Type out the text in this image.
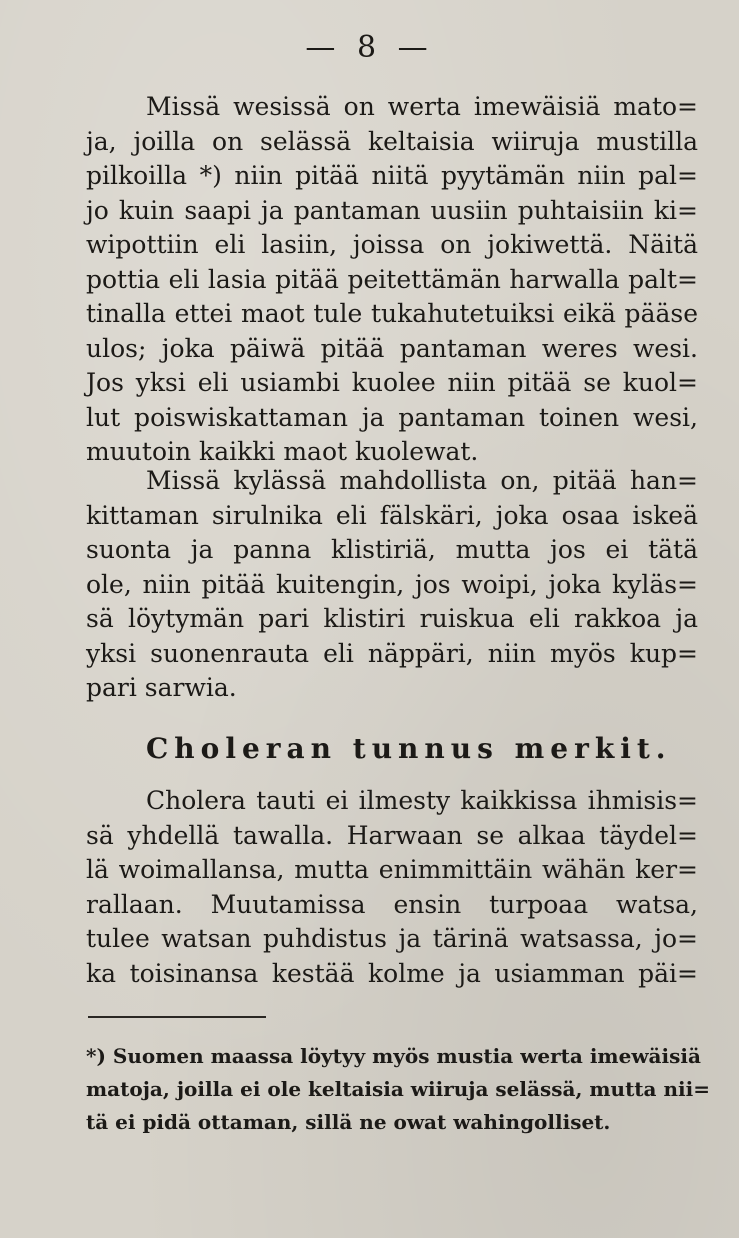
— 8 —
Missä wesissä on werta imewäisiä mato=
ja, joilla on selässä keltaisia wiiruja mustilla
pilkoilla *) niin pitää niitä pyytämän niin pal=
jo kuin saapi ja pantaman uusiin puhtaisiin ki=
wipottiin eli lasiin, joissa on jokiwettä. Näitä
pottia eli lasia pitää peitettämän harwalla palt=
tinalla ettei maot tule tukahutetuiksi eikä pääse
ulos; joka päiwä pitää pantaman weres wesi.
Jos yksi eli usiambi kuolee niin pitää se kuol=
lut poiswiskattaman ja pantaman toinen wesi,
muutoin kaikki maot kuolewat.
Missä kylässä mahdollista on, pitää han=
kittaman sirulnika eli fälskäri, joka osaa iskeä
suonta ja panna klistiriä, mutta jos ei tätä
ole, niin pitää kuitengin, jos woipi, joka kyläs=
sä löytymän pari klistiri ruiskua eli rakkoa ja
yksi suonenrauta eli näppäri, niin myös kup=
pari sarwia.
Choleran tunnus merkit.
Cholera tauti ei ilmesty kaikkissa ihmisis=
sä yhdellä tawalla. Harwaan se alkaa täydel=
lä woimallansa, mutta enimmittäin wähän ker=
rallaan. Muutamissa ensin turpoaa watsa,
tulee watsan puhdistus ja tärinä watsassa, jo=
ka toisinansa kestää kolme ja usiamman päi=
*) Suomen maassa löytyy myös mustia werta imewäisiä
matoja, joilla ei ole keltaisia wiiruja selässä, mutta nii=
tä ei pidä ottaman, sillä ne owat wahingolliset.
